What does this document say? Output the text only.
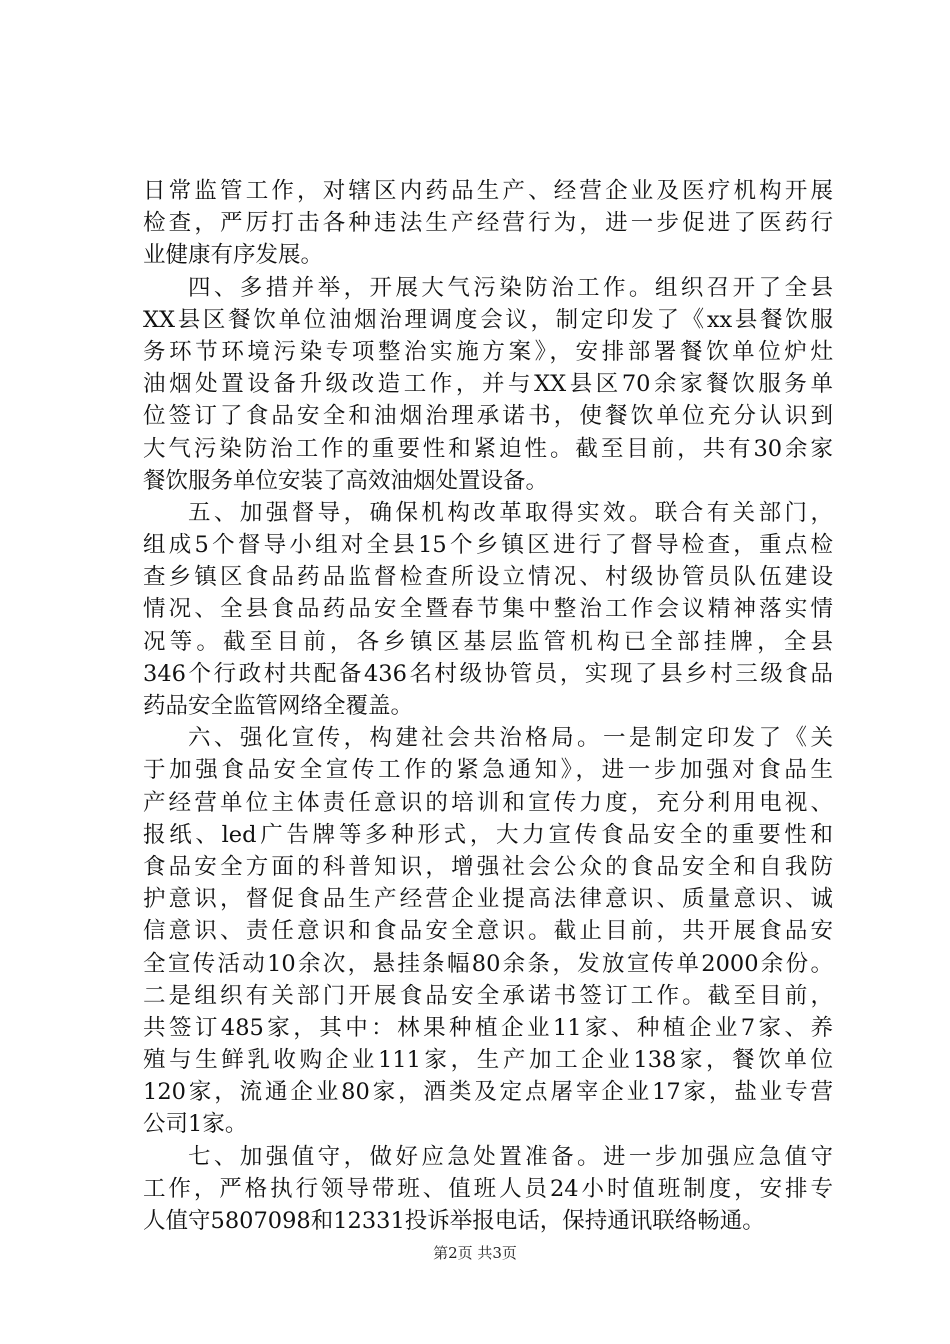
日常监管工作，对辖区内药品生产、经营企业及医疗机构开展
检查，严厉打击各种违法生产经营行为，进一步促进了医药行
业健康有序发展。
四、多措并举，开展大气污染防治工作。组织召开了全县
XX县区餐饮单位油烟治理调度会议，制定印发了《xx县餐饮服
务环节环境污染专项整治实施方案》，安排部署餐饮单位炉灶
油烟处置设备升级改造工作，并与XX县区70余家餐饮服务单
位签订了食品安全和油烟治理承诺书，使餐饮单位充分认识到
大气污染防治工作的重要性和紧迫性。截至目前，共有30余家
餐饮服务单位安装了高效油烟处置设备。
五、加强督导，确保机构改革取得实效。联合有关部门，
组成5个督导小组对全县15个乡镇区进行了督导检查，重点检
查乡镇区食品药品监督检查所设立情况、村级协管员队伍建设
情况、全县食品药品安全暨春节集中整治工作会议精神落实情
况等。截至目前，各乡镇区基层监管机构已全部挂牌，全县
346个行政村共配备436名村级协管员，实现了县乡村三级食品
药品安全监管网络全覆盖。
六、强化宣传，构建社会共治格局。一是制定印发了《关
于加强食品安全宣传工作的紧急通知》，进一步加强对食品生
产经营单位主体责任意识的培训和宣传力度，充分利用电视、
报纸、led广告牌等多种形式，大力宣传食品安全的重要性和
食品安全方面的科普知识，增强社会公众的食品安全和自我防
护意识，督促食品生产经营企业提高法律意识、质量意识、诚
信意识、责任意识和食品安全意识。截止目前，共开展食品安
全宣传活动10余次，悬挂条幅80余条，发放宣传单2000余份。
二是组织有关部门开展食品安全承诺书签订工作。截至目前，
共签订485家，其中：林果种植企业11家、种植企业7家、养
殖与生鲜乳收购企业111家，生产加工企业138家，餐饮单位
120家，流通企业80家，酒类及定点屠宰企业17家，盐业专营
公司1家。
七、加强值守，做好应急处置准备。进一步加强应急值守
工作，严格执行领导带班、值班人员24小时值班制度，安排专
人值守5807098和12331投诉举报电话，保持通讯联络畅通。
第2页 共3页
